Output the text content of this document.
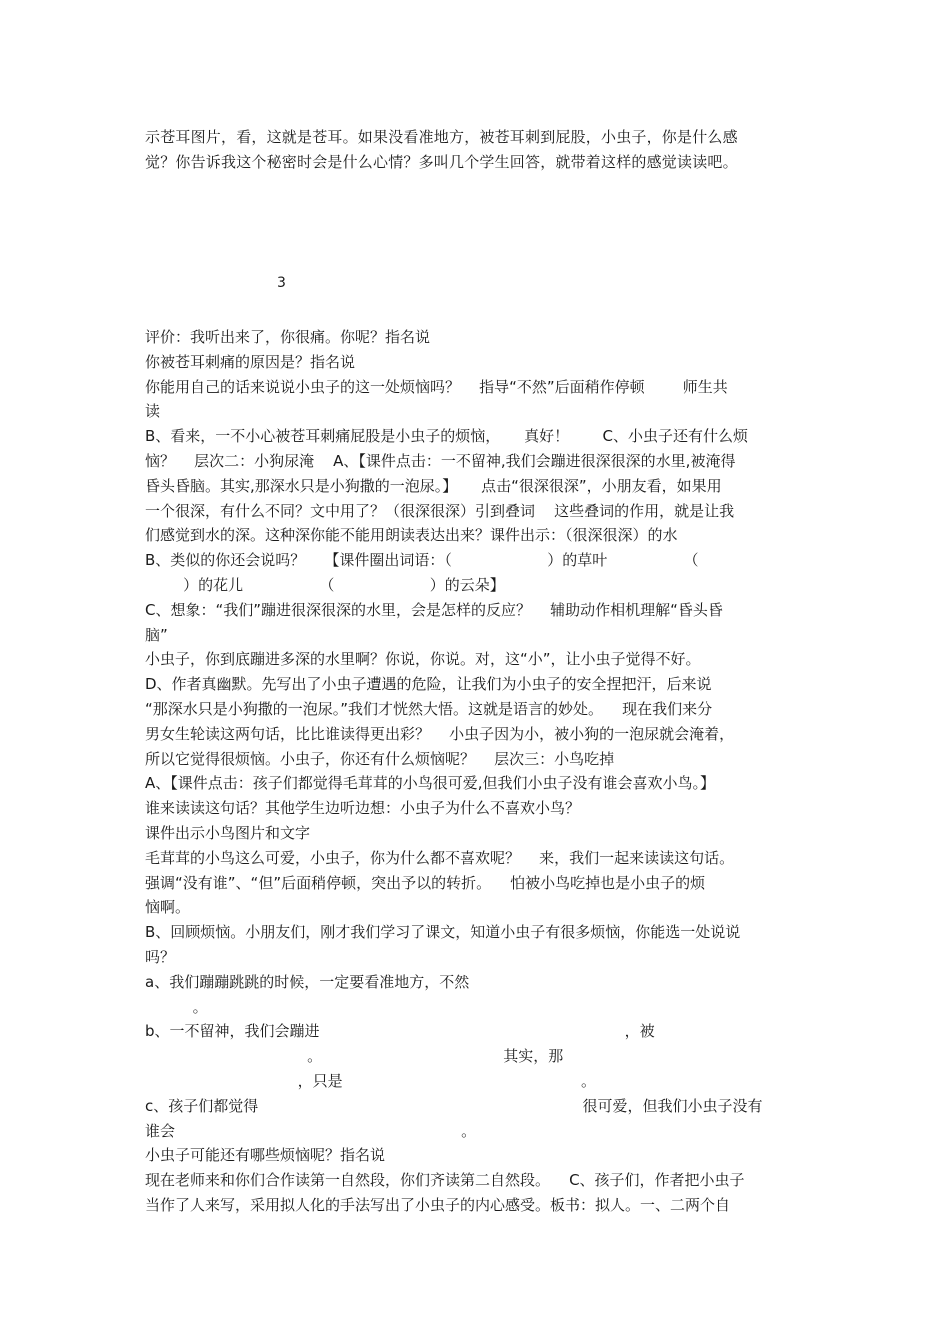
示苍耳图片，看，这就是苍耳。如果没看准地方，被苍耳刺到屁股，小虫子，你是什么感
觉？你告诉我这个秘密时会是什么心情？多叫几个学生回答，就带着这样的感觉读读吧。
3

评价：我听出来了，你很痛。你呢？指名说

你被苍耳刺痛的原因是？指名说

你能用自己的话来说说小虫子的这一处烦恼吗？    指导“不然”后面稍作停顿        师生共

读

B、看来，一不小心被苍耳刺痛屁股是小虫子的烦恼，     真好！       C、小虫子还有什么烦

恼？    层次二：小狗尿淹    A、【课件点击：一不留神,我们会蹦进很深很深的水里,被淹得

昏头昏脑。其实,那深水只是小狗撒的一泡尿。】     点击“很深很深”，小朋友看，如果用

一个很深，有什么不同？文中用了？（很深很深）引到叠词    这些叠词的作用，就是让我

们感觉到水的深。这种深你能不能用朗读表达出来？课件出示：（很深很深）的水

B、类似的你还会说吗？    【课件圈出词语：（                    ）的草叶                （

）的花儿                （                    ）的云朵】

C、想象：“我们”蹦进很深很深的水里，会是怎样的反应？    辅助动作相机理解“昏头昏

脑”

小虫子，你到底蹦进多深的水里啊？你说，你说。对，这“小”，让小虫子觉得不好。

D、作者真幽默。先写出了小虫子遭遇的危险，让我们为小虫子的安全捏把汗，后来说

“那深水只是小狗撒的一泡尿。”我们才恍然大悟。这就是语言的妙处。    现在我们来分

男女生轮读这两句话，比比谁读得更出彩？    小虫子因为小，被小狗的一泡尿就会淹着，

所以它觉得很烦恼。小虫子，你还有什么烦恼呢？    层次三：小鸟吃掉

A、【课件点击：孩子们都觉得毛茸茸的小鸟很可爱,但我们小虫子没有谁会喜欢小鸟。】

谁来读读这句话？其他学生边听边想：小虫子为什么不喜欢小鸟？

课件出示小鸟图片和文字

毛茸茸的小鸟这么可爱，小虫子，你为什么都不喜欢呢？    来，我们一起来读读这句话。

强调“没有谁”、“但”后面稍停顿，突出予以的转折。    怕被小鸟吃掉也是小虫子的烦

恼啊。

B、回顾烦恼。小朋友们，刚才我们学习了课文，知道小虫子有很多烦恼，你能选一处说说

吗？

a、我们蹦蹦跳跳的时候，一定要看准地方，不然

。

b、一不留神，我们会蹦进                                                                ，被

。                                      其实，那

，只是                                                  。

c、孩子们都觉得                                                                    很可爱，但我们小虫子没有

谁会                                                            。

小虫子可能还有哪些烦恼呢？指名说

现在老师来和你们合作读第一自然段，你们齐读第二自然段。    C、孩子们，作者把小虫子

当作了人来写，采用拟人化的手法写出了小虫子的内心感受。板书：拟人。一、二两个自
